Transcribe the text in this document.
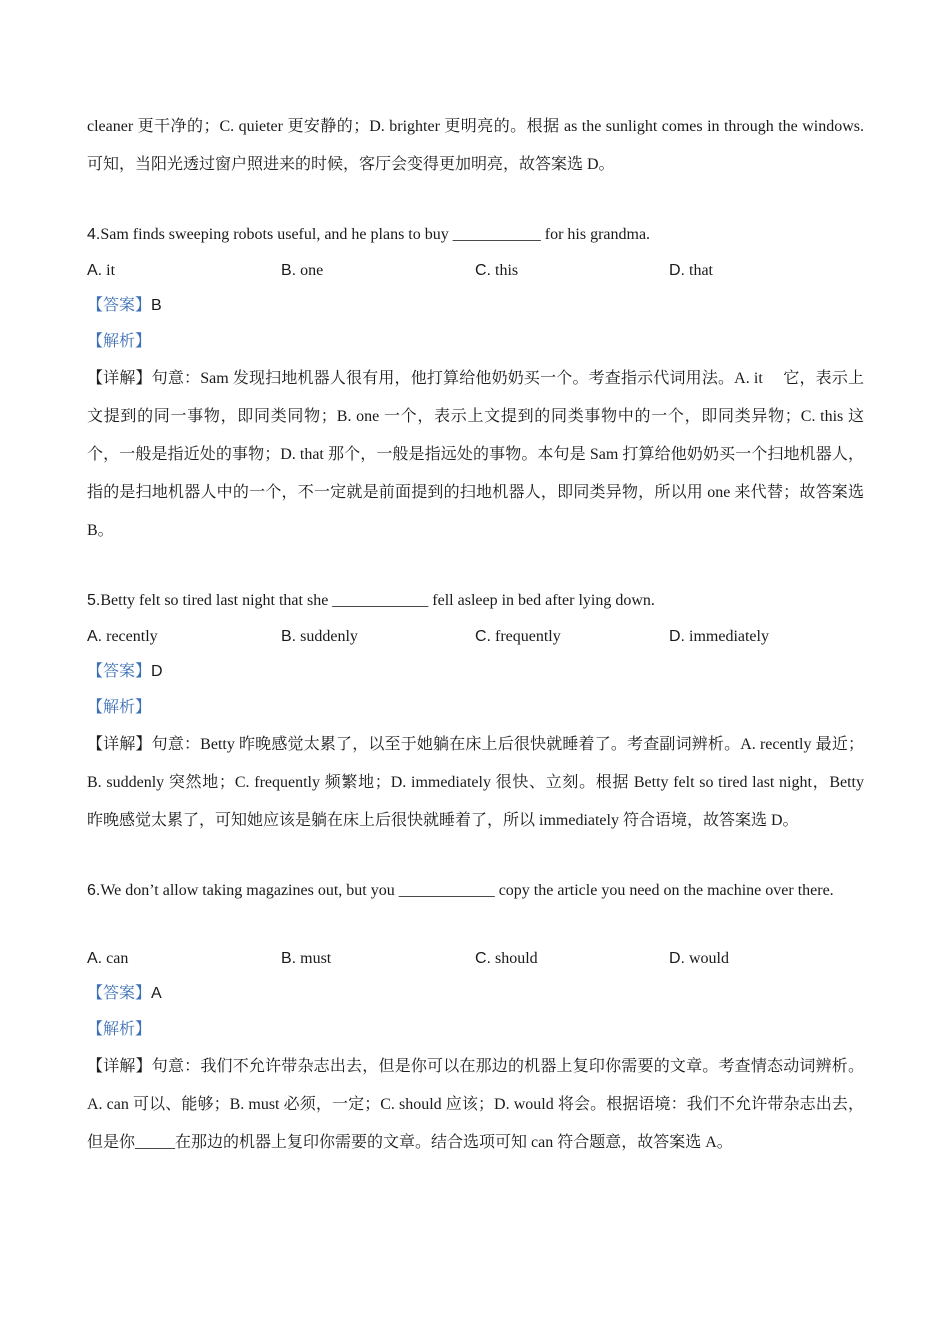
cleaner 更干净的；C. quieter 更安静的；D. brighter 更明亮的。根据 as the sunlight comes in through the windows.可知，当阳光透过窗户照进来的时候，客厅会变得更加明亮，故答案选 D。

4.Sam finds sweeping robots useful, and he plans to buy ___________ for his grandma.
A. it	B. one	C. this	D. that
【答案】B
【解析】
【详解】句意：Sam 发现扫地机器人很有用，他打算给他奶奶买一个。考查指示代词用法。A. it　 它，表示上文提到的同一事物，即同类同物；B. one 一个，表示上文提到的同类事物中的一个，即同类异物；C. this 这个，一般是指近处的事物；D. that 那个，一般是指远处的事物。本句是 Sam 打算给他奶奶买一个扫地机器人，指的是扫地机器人中的一个，不一定就是前面提到的扫地机器人，即同类异物，所以用 one 来代替；故答案选 B。
5.Betty felt so tired last night that she ____________ fell asleep in bed after lying down.
A. recently	B. suddenly	C. frequently	D. immediately
【答案】D
【解析】
【详解】句意：Betty 昨晚感觉太累了，以至于她躺在床上后很快就睡着了。考查副词辨析。A. recently 最近；B. suddenly 突然地；C. frequently 频繁地；D. immediately 很快、立刻。根据 Betty felt so tired last night，Betty 昨晚感觉太累了，可知她应该是躺在床上后很快就睡着了，所以 immediately 符合语境，故答案选 D。
6.We don’t allow taking magazines out, but you ____________ copy the article you need on the machine over there.
A. can	B. must	C. should	D. would
【答案】A
【解析】
【详解】句意：我们不允许带杂志出去，但是你可以在那边的机器上复印你需要的文章。考查情态动词辨析。A. can 可以、能够；B. must 必须，一定；C. should 应该；D. would 将会。根据语境：我们不允许带杂志出去，但是你_____在那边的机器上复印你需要的文章。结合选项可知 can 符合题意，故答案选 A。
